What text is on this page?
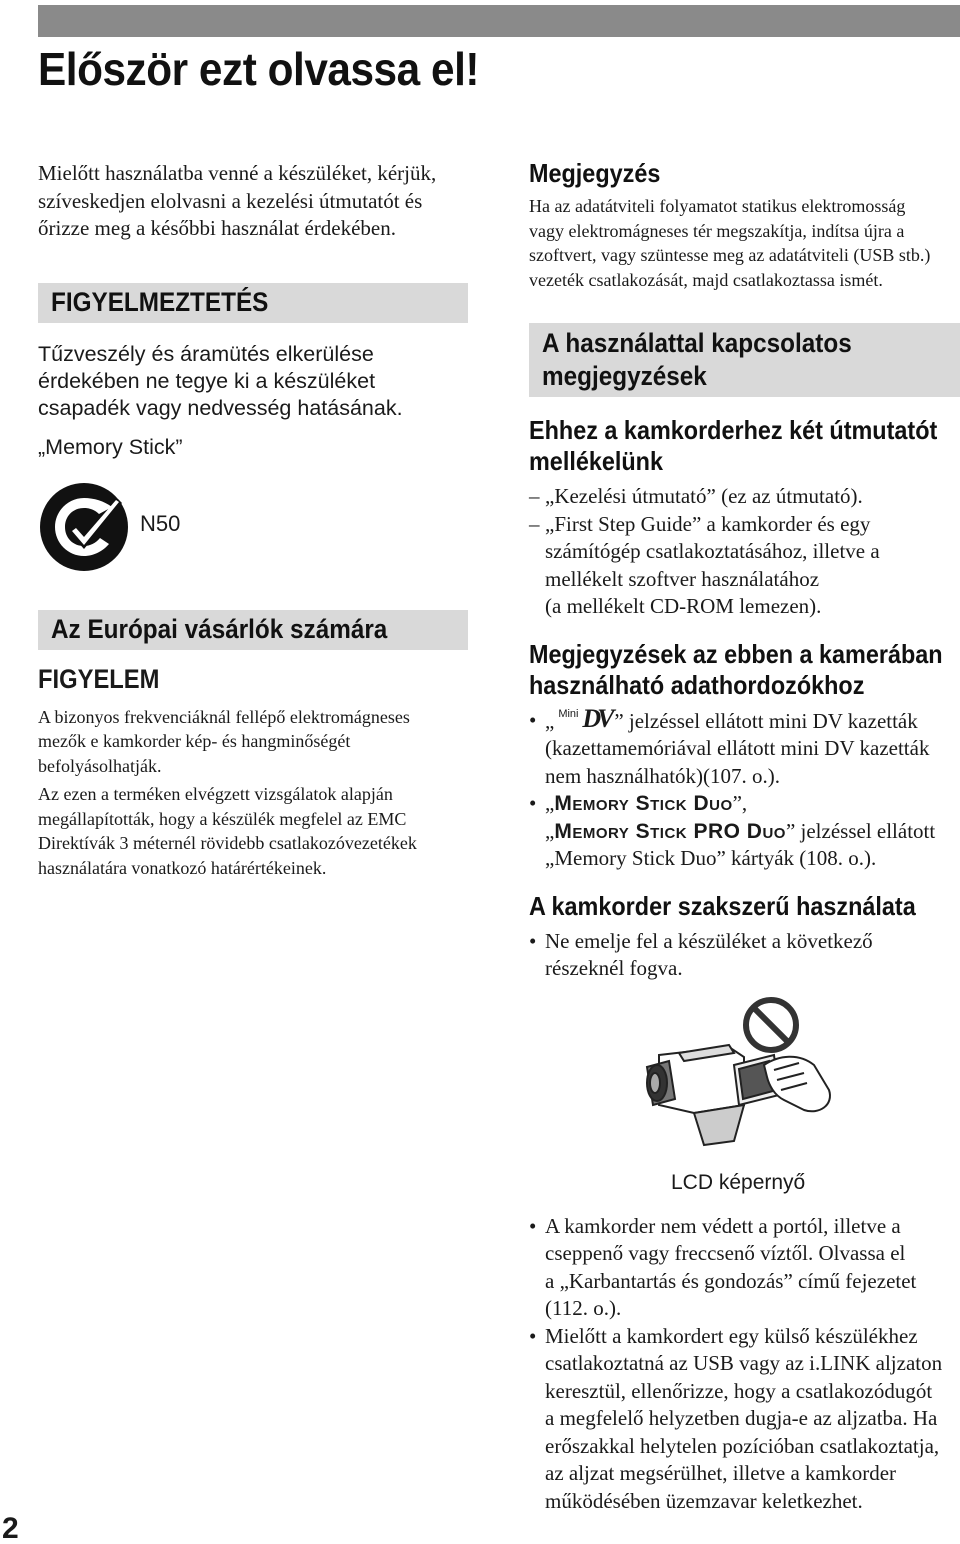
Először ezt olvassa el!

Mielőtt használatba venné a készüléket, kérjük,
szíveskedjen elolvasni a kezelési útmutatót és
őrizze meg a későbbi használat érdekében.

FIGYELMEZTETÉS

Tűzveszély és áramütés elkerülése
érdekében ne tegye ki a készüléket
csapadék vagy nedvesség hatásának.

„Memory Stick”

N50
Az Európai vásárlók számára
FIGYELEM

A bizonyos frekvenciáknál fellépő elektromágneses
mezők e kamkorder kép- és hangminőségét
befolyásolhatják.

Az ezen a terméken elvégzett vizsgálatok alapján
megállapították, hogy a készülék megfelel az EMC
Direktívák 3 méternél rövidebb csatlakozóvezetékek
használatára vonatkozó határértékeinek.

Megjegyzés

Ha az adatátviteli folyamatot statikus elektromosság
vagy elektromágneses tér megszakítja, indítsa újra a
szoftvert, vagy szüntesse meg az adatátviteli (USB stb.)
vezeték csatlakozását, majd csatlakoztassa ismét.

A használattal kapcsolatos
megjegyzések
Ehhez a kamkorderhez két útmutatót
mellékelünk
– „Kezelési útmutató” (ez az útmutató).
– „First Step Guide” a kamkorder és egy
számítógép csatlakoztatásához, illetve a
mellékelt szoftver használatához
(a mellékelt CD-ROM lemezen).
Megjegyzések az ebben a kamerában
használható adathordozókhoz
• „ Mini DV ” jelzéssel ellátott mini DV kazetták
(kazettamemóriával ellátott mini DV kazetták
nem használhatók)(107. o.).
• „Memory Stick Duo”,
„Memory Stick PRO Duo” jelzéssel ellátott
„Memory Stick Duo” kártyák (108. o.).
A kamkorder szakszerű használata
• Ne emelje fel a készüléket a következő
részeknél fogva.
LCD képernyő
• A kamkorder nem védett a portól, illetve a
cseppenő vagy freccsenő víztől. Olvassa el
a „Karbantartás és gondozás” című fejezetet
(112. o.).
• Mielőtt a kamkordert egy külső készülékhez
csatlakoztatná az USB vagy az i.LINK aljzaton
keresztül, ellenőrizze, hogy a csatlakozódugót
a megfelelő helyzetben dugja-e az aljzatba. Ha
erőszakkal helytelen pozícióban csatlakoztatja,
az aljzat megsérülhet, illetve a kamkorder
működésében üzemzavar keletkezhet.
2
